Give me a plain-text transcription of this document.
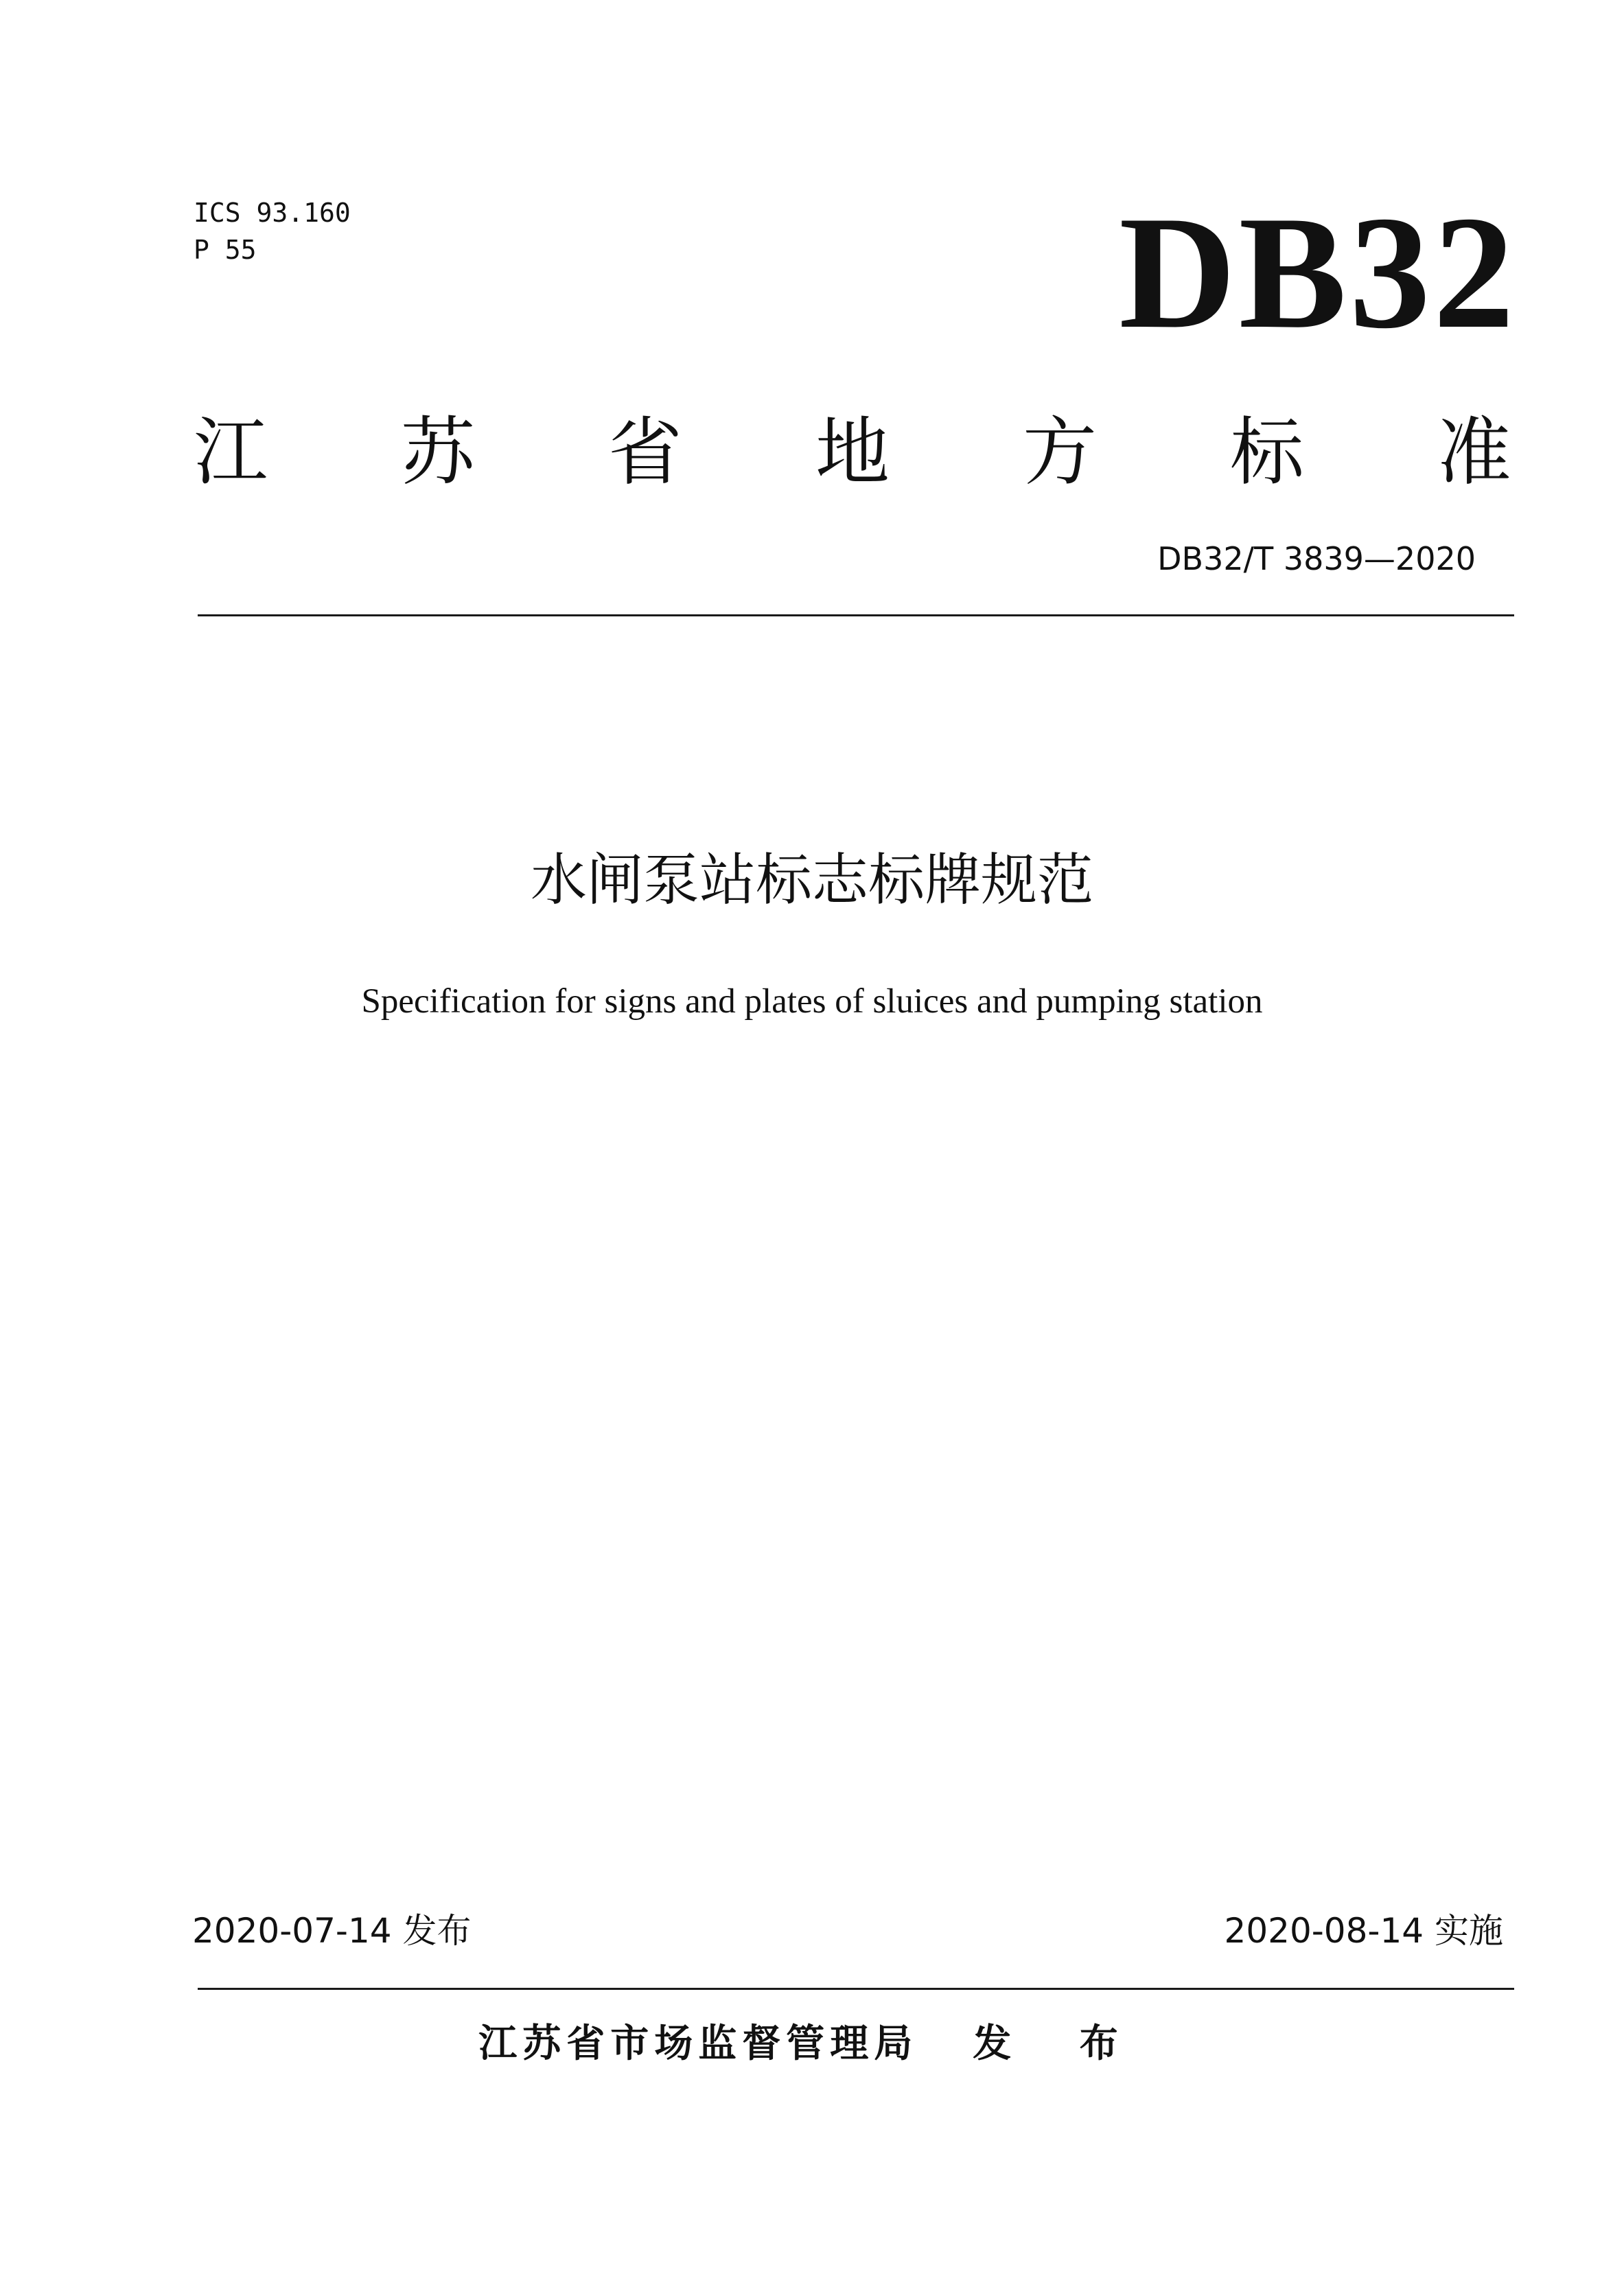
ICS 93.160
P 55	DB32
江 苏 省 地 方 标 准
DB32/T 3839—2020
水闸泵站标志标牌规范
Specification for signs and plates of sluices and pumping station
2020-07-14 发布	2020-08-14 实施
江苏省市场监督管理局 发 布
